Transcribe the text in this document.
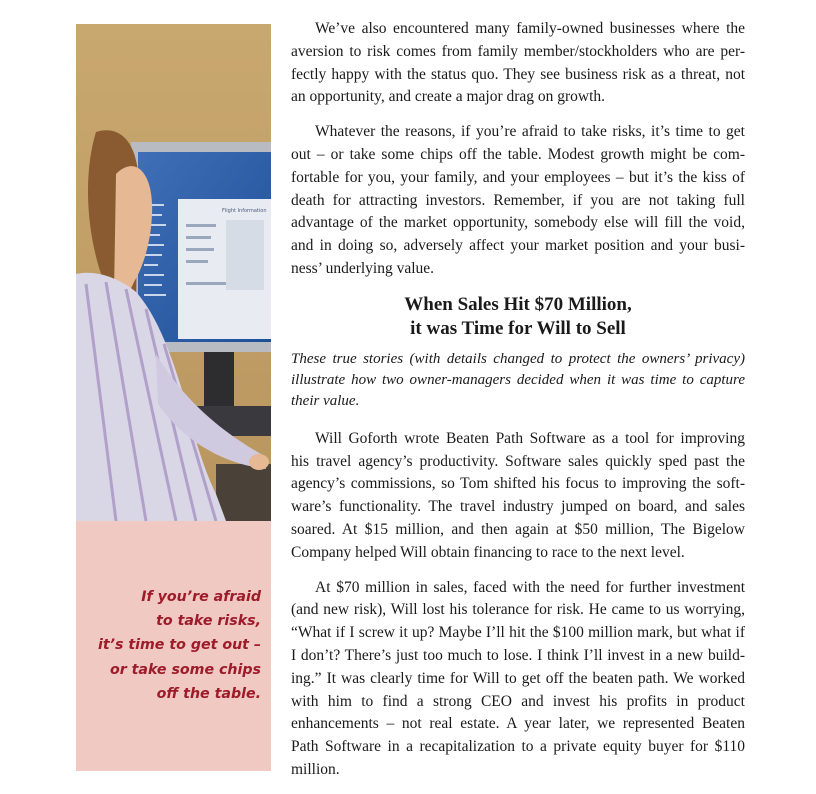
Flight Information

If you’re afraid
to take risks,
it’s time to get out –
or take some chips
off the table.

We’ve also encountered many family-owned businesses where the
aversion to risk comes from family member/stockholders who are per-
fectly happy with the status quo. They see business risk as a threat, not
an opportunity, and create a major drag on growth.

Whatever the reasons, if you’re afraid to take risks, it’s time to get
out – or take some chips off the table. Modest growth might be com-
fortable for you, your family, and your employees – but it’s the kiss of
death for attracting investors. Remember, if you are not taking full
advantage of the market opportunity, somebody else will fill the void,
and in doing so, adversely affect your market position and your busi-
ness’ underlying value.

When Sales Hit $70 Million,
it was Time for Will to Sell

These true stories (with details changed to protect the owners’ privacy)
illustrate how two owner-managers decided when it was time to capture
their value.

Will Goforth wrote Beaten Path Software as a tool for improving
his travel agency’s productivity. Software sales quickly sped past the
agency’s commissions, so Tom shifted his focus to improving the soft-
ware’s functionality. The travel industry jumped on board, and sales
soared. At $15 million, and then again at $50 million, The Bigelow
Company helped Will obtain financing to race to the next level.

At $70 million in sales, faced with the need for further investment
(and new risk), Will lost his tolerance for risk. He came to us worrying,
“What if I screw it up? Maybe I’ll hit the $100 million mark, but what if
I don’t? There’s just too much to lose. I think I’ll invest in a new build-
ing.” It was clearly time for Will to get off the beaten path. We worked
with him to find a strong CEO and invest his profits in product
enhancements – not real estate. A year later, we represented Beaten
Path Software in a recapitalization to a private equity buyer for $110
million.
